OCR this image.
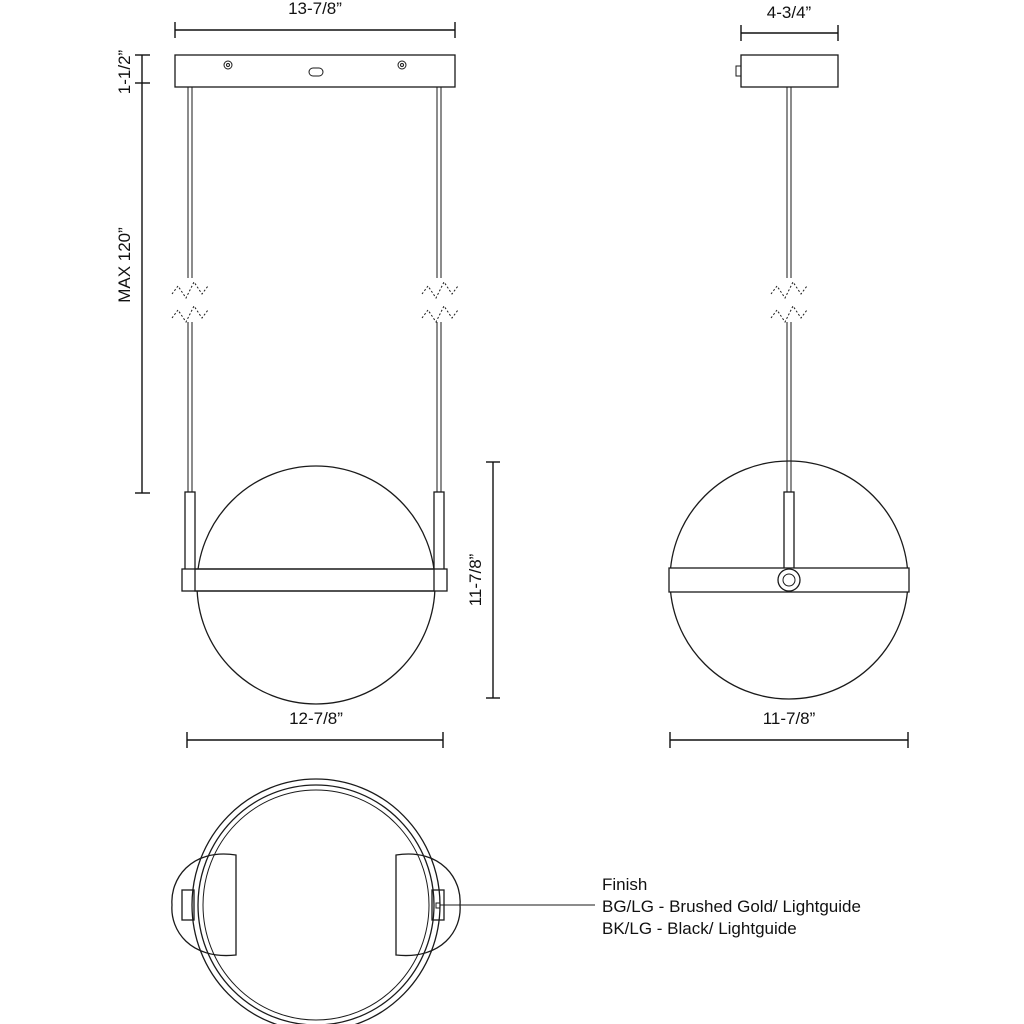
13-7/8”
1-1/2”
MAX 120”
11-7/8”
12-7/8”
4-3/4”
11-7/8”
Finish
BG/LG - Brushed Gold/ Lightguide
BK/LG - Black/ Lightguide
